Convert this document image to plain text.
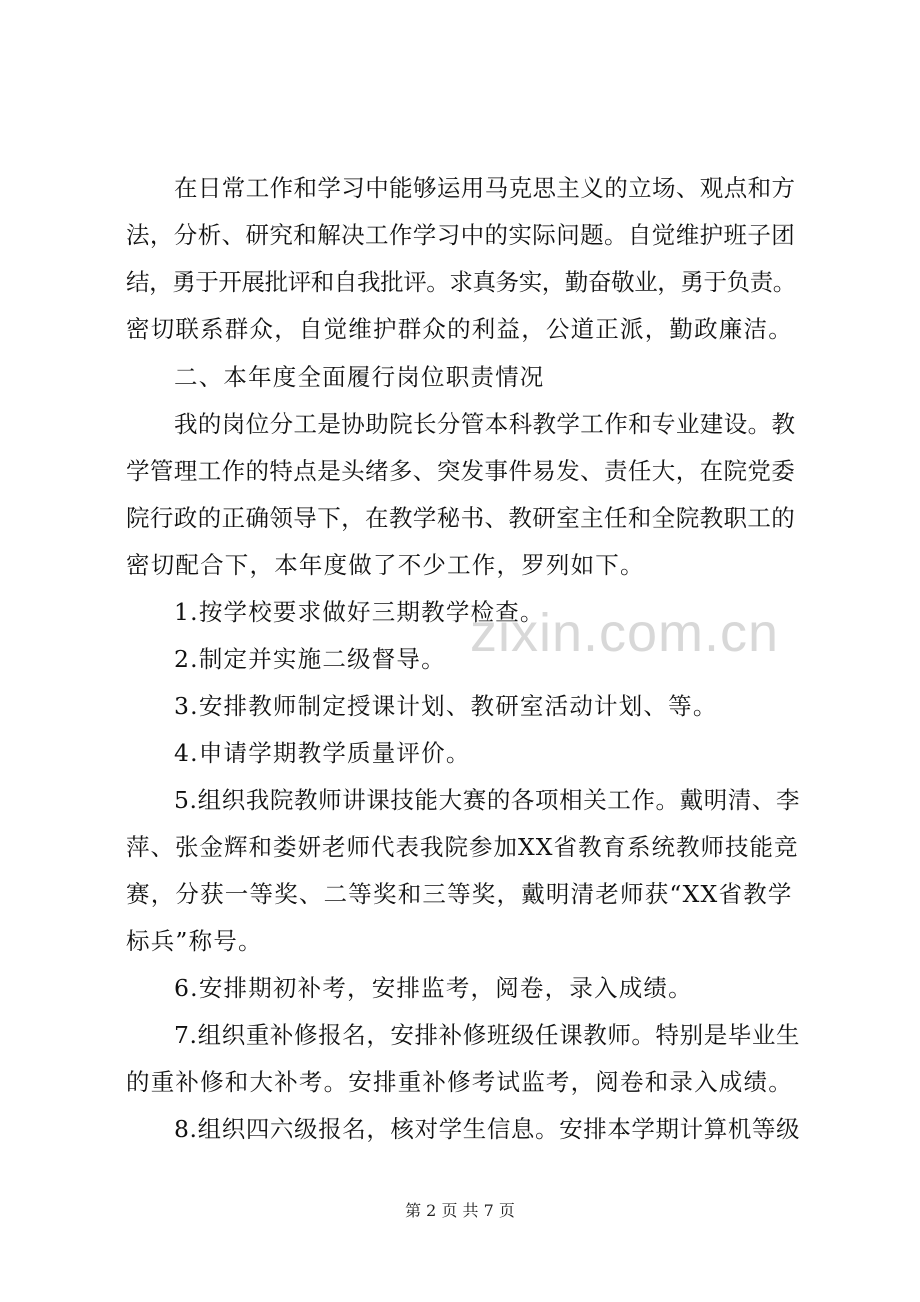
zixin.com.cn
在日常工作和学习中能够运用马克思主义的立场、观点和方
法，分析、研究和解决工作学习中的实际问题。自觉维护班子团
结，勇于开展批评和自我批评。求真务实，勤奋敬业，勇于负责。
密切联系群众，自觉维护群众的利益，公道正派，勤政廉洁。
二、本年度全面履行岗位职责情况
我的岗位分工是协助院长分管本科教学工作和专业建设。教
学管理工作的特点是头绪多、突发事件易发、责任大，在院党委
院行政的正确领导下，在教学秘书、教研室主任和全院教职工的
密切配合下，本年度做了不少工作，罗列如下。
1.按学校要求做好三期教学检查。
2.制定并实施二级督导。
3.安排教师制定授课计划、教研室活动计划、等。
4.申请学期教学质量评价。
5.组织我院教师讲课技能大赛的各项相关工作。戴明清、李
萍、张金辉和娄妍老师代表我院参加XX省教育系统教师技能竞
赛，分获一等奖、二等奖和三等奖，戴明清老师获“XX省教学
标兵”称号。
6.安排期初补考，安排监考，阅卷，录入成绩。
7.组织重补修报名，安排补修班级任课教师。特别是毕业生
的重补修和大补考。安排重补修考试监考，阅卷和录入成绩。
8.组织四六级报名，核对学生信息。安排本学期计算机等级
第 2 页 共 7 页
